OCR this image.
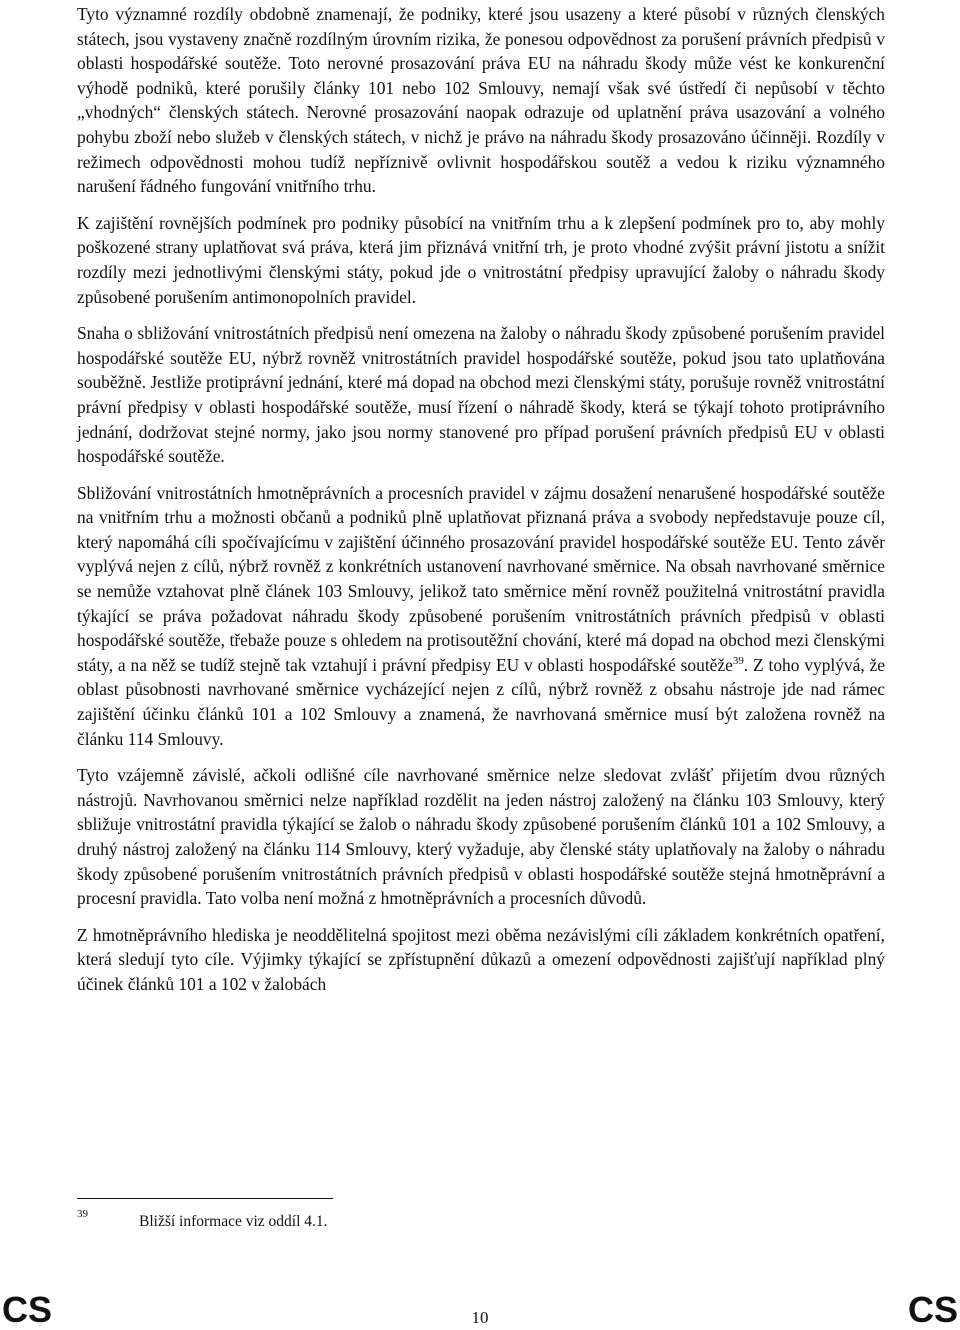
Tyto významné rozdíly obdobně znamenají, že podniky, které jsou usazeny a které působí v různých členských státech, jsou vystaveny značně rozdílným úrovním rizika, že ponesou odpovědnost za porušení právních předpisů v oblasti hospodářské soutěže. Toto nerovné prosazování práva EU na náhradu škody může vést ke konkurenční výhodě podniků, které porušily články 101 nebo 102 Smlouvy, nemají však své ústředí či nepůsobí v těchto „vhodných“ členských státech. Nerovné prosazování naopak odrazuje od uplatnění práva usazování a volného pohybu zboží nebo služeb v členských státech, v nichž je právo na náhradu škody prosazováno účinněji. Rozdíly v režimech odpovědnosti mohou tudíž nepříznivě ovlivnit hospodářskou soutěž a vedou k riziku významného narušení řádného fungování vnitřního trhu.

K zajištění rovnějších podmínek pro podniky působící na vnitřním trhu a k zlepšení podmínek pro to, aby mohly poškozené strany uplatňovat svá práva, která jim přiznává vnitřní trh, je proto vhodné zvýšit právní jistotu a snížit rozdíly mezi jednotlivými členskými státy, pokud jde o vnitrostátní předpisy upravující žaloby o náhradu škody způsobené porušením antimonopolních pravidel.

Snaha o sbližování vnitrostátních předpisů není omezena na žaloby o náhradu škody způsobené porušením pravidel hospodářské soutěže EU, nýbrž rovněž vnitrostátních pravidel hospodářské soutěže, pokud jsou tato uplatňována souběžně. Jestliže protiprávní jednání, které má dopad na obchod mezi členskými státy, porušuje rovněž vnitrostátní právní předpisy v oblasti hospodářské soutěže, musí řízení o náhradě škody, která se týkají tohoto protiprávního jednání, dodržovat stejné normy, jako jsou normy stanovené pro případ porušení právních předpisů EU v oblasti hospodářské soutěže.

Sbližování vnitrostátních hmotněprávních a procesních pravidel v zájmu dosažení nenarušené hospodářské soutěže na vnitřním trhu a možnosti občanů a podniků plně uplatňovat přiznaná práva a svobody nepředstavuje pouze cíl, který napomáhá cíli spočívajícímu v zajištění účinného prosazování pravidel hospodářské soutěže EU. Tento závěr vyplývá nejen z cílů, nýbrž rovněž z konkrétních ustanovení navrhované směrnice. Na obsah navrhované směrnice se nemůže vztahovat plně článek 103 Smlouvy, jelikož tato směrnice mění rovněž použitelná vnitrostátní pravidla týkající se práva požadovat náhradu škody způsobené porušením vnitrostátních právních předpisů v oblasti hospodářské soutěže, třebaže pouze s ohledem na protisoutěžní chování, které má dopad na obchod mezi členskými státy, a na něž se tudíž stejně tak vztahují i právní předpisy EU v oblasti hospodářské soutěže$^{39}$. Z toho vyplývá, že oblast působnosti navrhované směrnice vycházející nejen z cílů, nýbrž rovněž z obsahu nástroje jde nad rámec zajištění účinku článků 101 a 102 Smlouvy a znamená, že navrhovaná směrnice musí být založena rovněž na článku 114 Smlouvy.

Tyto vzájemně závislé, ačkoli odlišné cíle navrhované směrnice nelze sledovat zvlášť přijetím dvou různých nástrojů. Navrhovanou směrnici nelze například rozdělit na jeden nástroj založený na článku 103 Smlouvy, který sbližuje vnitrostátní pravidla týkající se žalob o náhradu škody způsobené porušením článků 101 a 102 Smlouvy, a druhý nástroj založený na článku 114 Smlouvy, který vyžaduje, aby členské státy uplatňovaly na žaloby o náhradu škody způsobené porušením vnitrostátních právních předpisů v oblasti hospodářské soutěže stejná hmotněprávní a procesní pravidla. Tato volba není možná z hmotněprávních a procesních důvodů.

Z hmotněprávního hlediska je neoddělitelná spojitost mezi oběma nezávislými cíli základem konkrétních opatření, která sledují tyto cíle. Výjimky týkající se zpřístupnění důkazů a omezení odpovědnosti zajišťují například plný účinek článků 101 a 102 v žalobách

39	Bližší informace viz oddíl 4.1.
CS	10	CS
